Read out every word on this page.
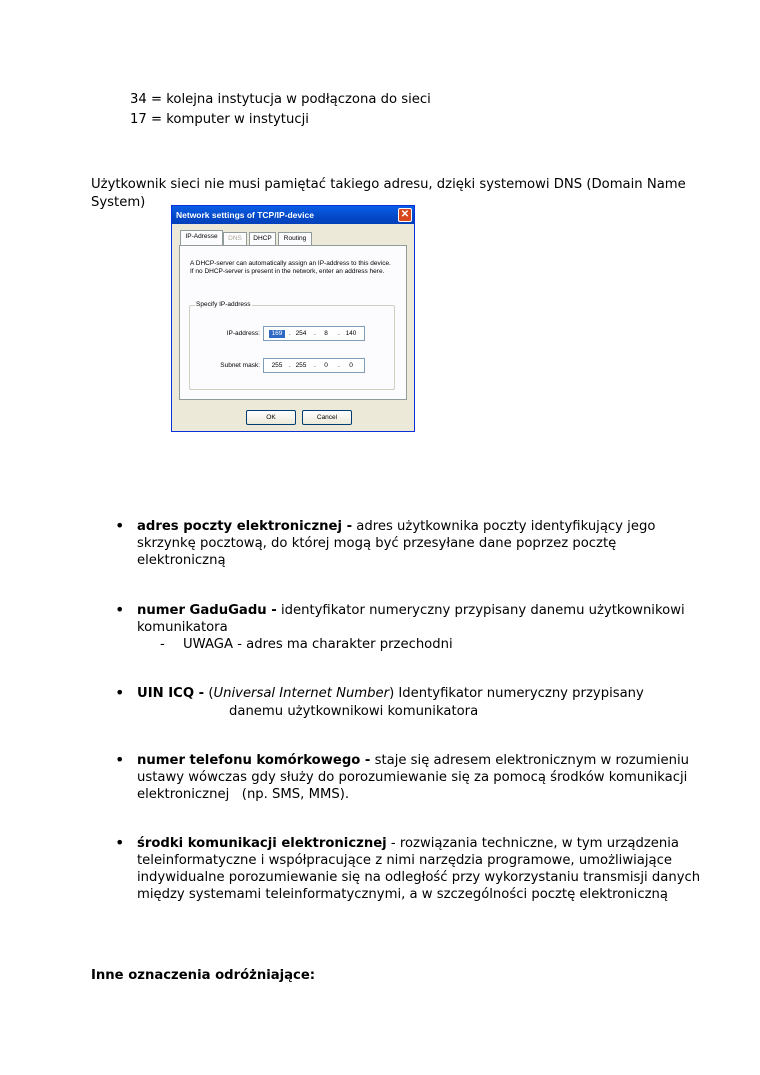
34 = kolejna instytucja w podłączona do sieci
17 = komputer w instytucji
Użytkownik sieci nie musi pamiętać takiego adresu, dzięki systemowi DNS (Domain Name
System)
Network settings of TCP/IP-device	✕
IP-Adresse	DNS	DHCP	Routing
A DHCP-server can automatically assign an IP-address to this device. If no DHCP-server is present in the network, enter an address here.
Specify IP-address
IP-address:	169	. 254	.	8	. 140
Subnet mask:	255	. 255	.	0	.	0
OK	Cancel
• adres poczty elektronicznej - adres użytkownika poczty identyfikujący jego
skrzynkę pocztową, do której mogą być przesyłane dane poprzez pocztę
elektroniczną
• numer GaduGadu - identyfikator numeryczny przypisany danemu użytkownikowi
komunikatora
- UWAGA - adres ma charakter przechodni
• UIN ICQ - (Universal Internet Number) Identyfikator numeryczny przypisany
danemu użytkownikowi komunikatora
• numer telefonu komórkowego - staje się adresem elektronicznym w rozumieniu
ustawy wówczas gdy służy do porozumiewanie się za pomocą środków komunikacji
elektronicznej   (np. SMS, MMS).
• środki komunikacji elektronicznej - rozwiązania techniczne, w tym urządzenia
teleinformatyczne i współpracujące z nimi narzędzia programowe, umożliwiające
indywidualne porozumiewanie się na odległość przy wykorzystaniu transmisji danych
między systemami teleinformatycznymi, a w szczególności pocztę elektroniczną
Inne oznaczenia odróżniające:
